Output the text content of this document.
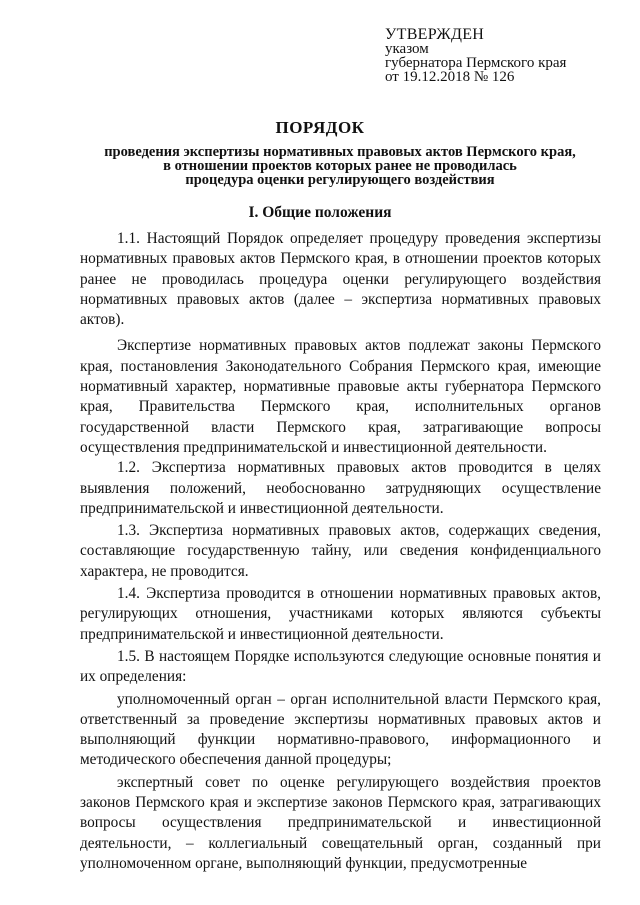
УТВЕРЖДЕН
указом
губернатора Пермского края
от 19.12.2018 № 126
ПОРЯДОК
проведения экспертизы нормативных правовых актов Пермского края,
в отношении проектов которых ранее не проводилась
процедура оценки регулирующего воздействия
I. Общие положения

1.1. Настоящий Порядок определяет процедуру проведения экспертизы нормативных правовых актов Пермского края, в отношении проектов которых ранее не проводилась процедура оценки регулирующего воздействия нормативных правовых актов (далее – экспертиза нормативных правовых актов).

Экспертизе нормативных правовых актов подлежат законы Пермского края, постановления Законодательного Собрания Пермского края, имеющие нормативный характер, нормативные правовые акты губернатора Пермского края, Правительства Пермского края, исполнительных органов государственной власти Пермского края, затрагивающие вопросы осуществления предпринимательской и инвестиционной деятельности.

1.2. Экспертиза нормативных правовых актов проводится в целях выявления положений, необоснованно затрудняющих осуществление предпринимательской и инвестиционной деятельности.

1.3. Экспертиза нормативных правовых актов, содержащих сведения, составляющие государственную тайну, или сведения конфиденциального характера, не проводится.

1.4. Экспертиза проводится в отношении нормативных правовых актов, регулирующих отношения, участниками которых являются субъекты предпринимательской и инвестиционной деятельности.

1.5. В настоящем Порядке используются следующие основные понятия и их определения:

уполномоченный орган – орган исполнительной власти Пермского края, ответственный за проведение экспертизы нормативных правовых актов и выполняющий функции нормативно-правового, информационного и методического обеспечения данной процедуры;

экспертный совет по оценке регулирующего воздействия проектов законов Пермского края и экспертизе законов Пермского края, затрагивающих вопросы осуществления предпринимательской и инвестиционной деятельности, – коллегиальный совещательный орган, созданный при уполномоченном органе, выполняющий функции, предусмотренные
